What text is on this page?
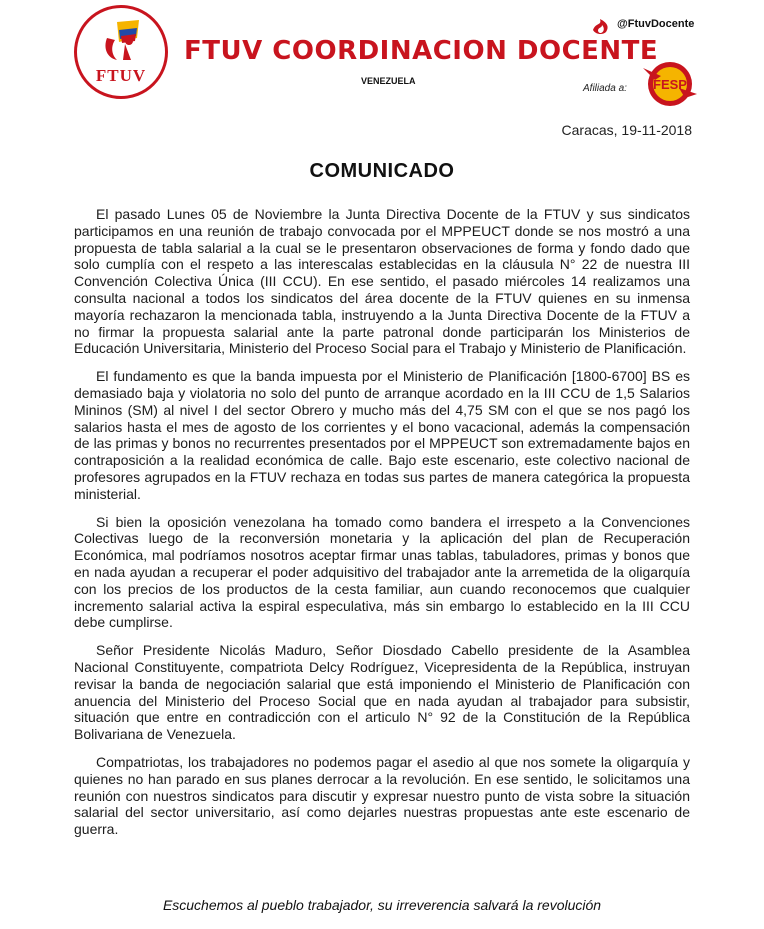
FTUV
FTUV COORDINACION DOCENTE
VENEZUELA
@FtuvDocente
Afiliada a: FESP
Caracas, 19-11-2018
COMUNICADO

El pasado Lunes 05 de Noviembre la Junta Directiva Docente de la FTUV y sus sindicatos participamos en una reunión de trabajo convocada por el MPPEUCT donde se nos mostró a una propuesta de tabla salarial a la cual se le presentaron observaciones de forma y fondo dado que solo cumplía con el respeto a las interescalas establecidas en la cláusula N° 22 de nuestra III Convención Colectiva Única (III CCU). En ese sentido, el pasado miércoles 14 realizamos una consulta nacional a todos los sindicatos del área docente de la FTUV quienes en su inmensa mayoría rechazaron la mencionada tabla, instruyendo a la Junta Directiva Docente de la FTUV a no firmar la propuesta salarial ante la parte patronal donde participarán los Ministerios de Educación Universitaria, Ministerio del Proceso Social para el Trabajo y Ministerio de Planificación.

El fundamento es que la banda impuesta por el Ministerio de Planificación [1800-6700] BS es demasiado baja y violatoria no solo del punto de arranque acordado en la III CCU de 1,5 Salarios Mininos (SM) al nivel I del sector Obrero y mucho más del 4,75 SM con el que se nos pagó los salarios hasta el mes de agosto de los corrientes y el bono vacacional, además la compensación de las primas y bonos no recurrentes presentados por el MPPEUCT son extremadamente bajos en contraposición a la realidad económica de calle. Bajo este escenario, este colectivo nacional de profesores agrupados en la FTUV rechaza en todas sus partes de manera categórica la propuesta ministerial.

Si bien la oposición venezolana ha tomado como bandera el irrespeto a la Convenciones Colectivas luego de la reconversión monetaria y la aplicación del plan de Recuperación Económica, mal podríamos nosotros aceptar firmar unas tablas, tabuladores, primas y bonos que en nada ayudan a recuperar el poder adquisitivo del trabajador ante la arremetida de la oligarquía con los precios de los productos de la cesta familiar, aun cuando reconocemos que cualquier incremento salarial activa la espiral especulativa, más sin embargo lo establecido en la III CCU debe cumplirse.

Señor Presidente Nicolás Maduro, Señor Diosdado Cabello presidente de la Asamblea Nacional Constituyente, compatriota Delcy Rodríguez, Vicepresidenta de la República, instruyan revisar la banda de negociación salarial que está imponiendo el Ministerio de Planificación con anuencia del Ministerio del Proceso Social que en nada ayudan al trabajador para subsistir, situación que entre en contradicción con el articulo N° 92 de la Constitución de la República Bolivariana de Venezuela.

Compatriotas, los trabajadores no podemos pagar el asedio al que nos somete la oligarquía y quienes no han parado en sus planes derrocar a la revolución. En ese sentido, le solicitamos una reunión con nuestros sindicatos para discutir y expresar nuestro punto de vista sobre la situación salarial del sector universitario, así como dejarles nuestras propuestas ante este escenario de guerra.

Escuchemos al pueblo trabajador, su irreverencia salvará la revolución
